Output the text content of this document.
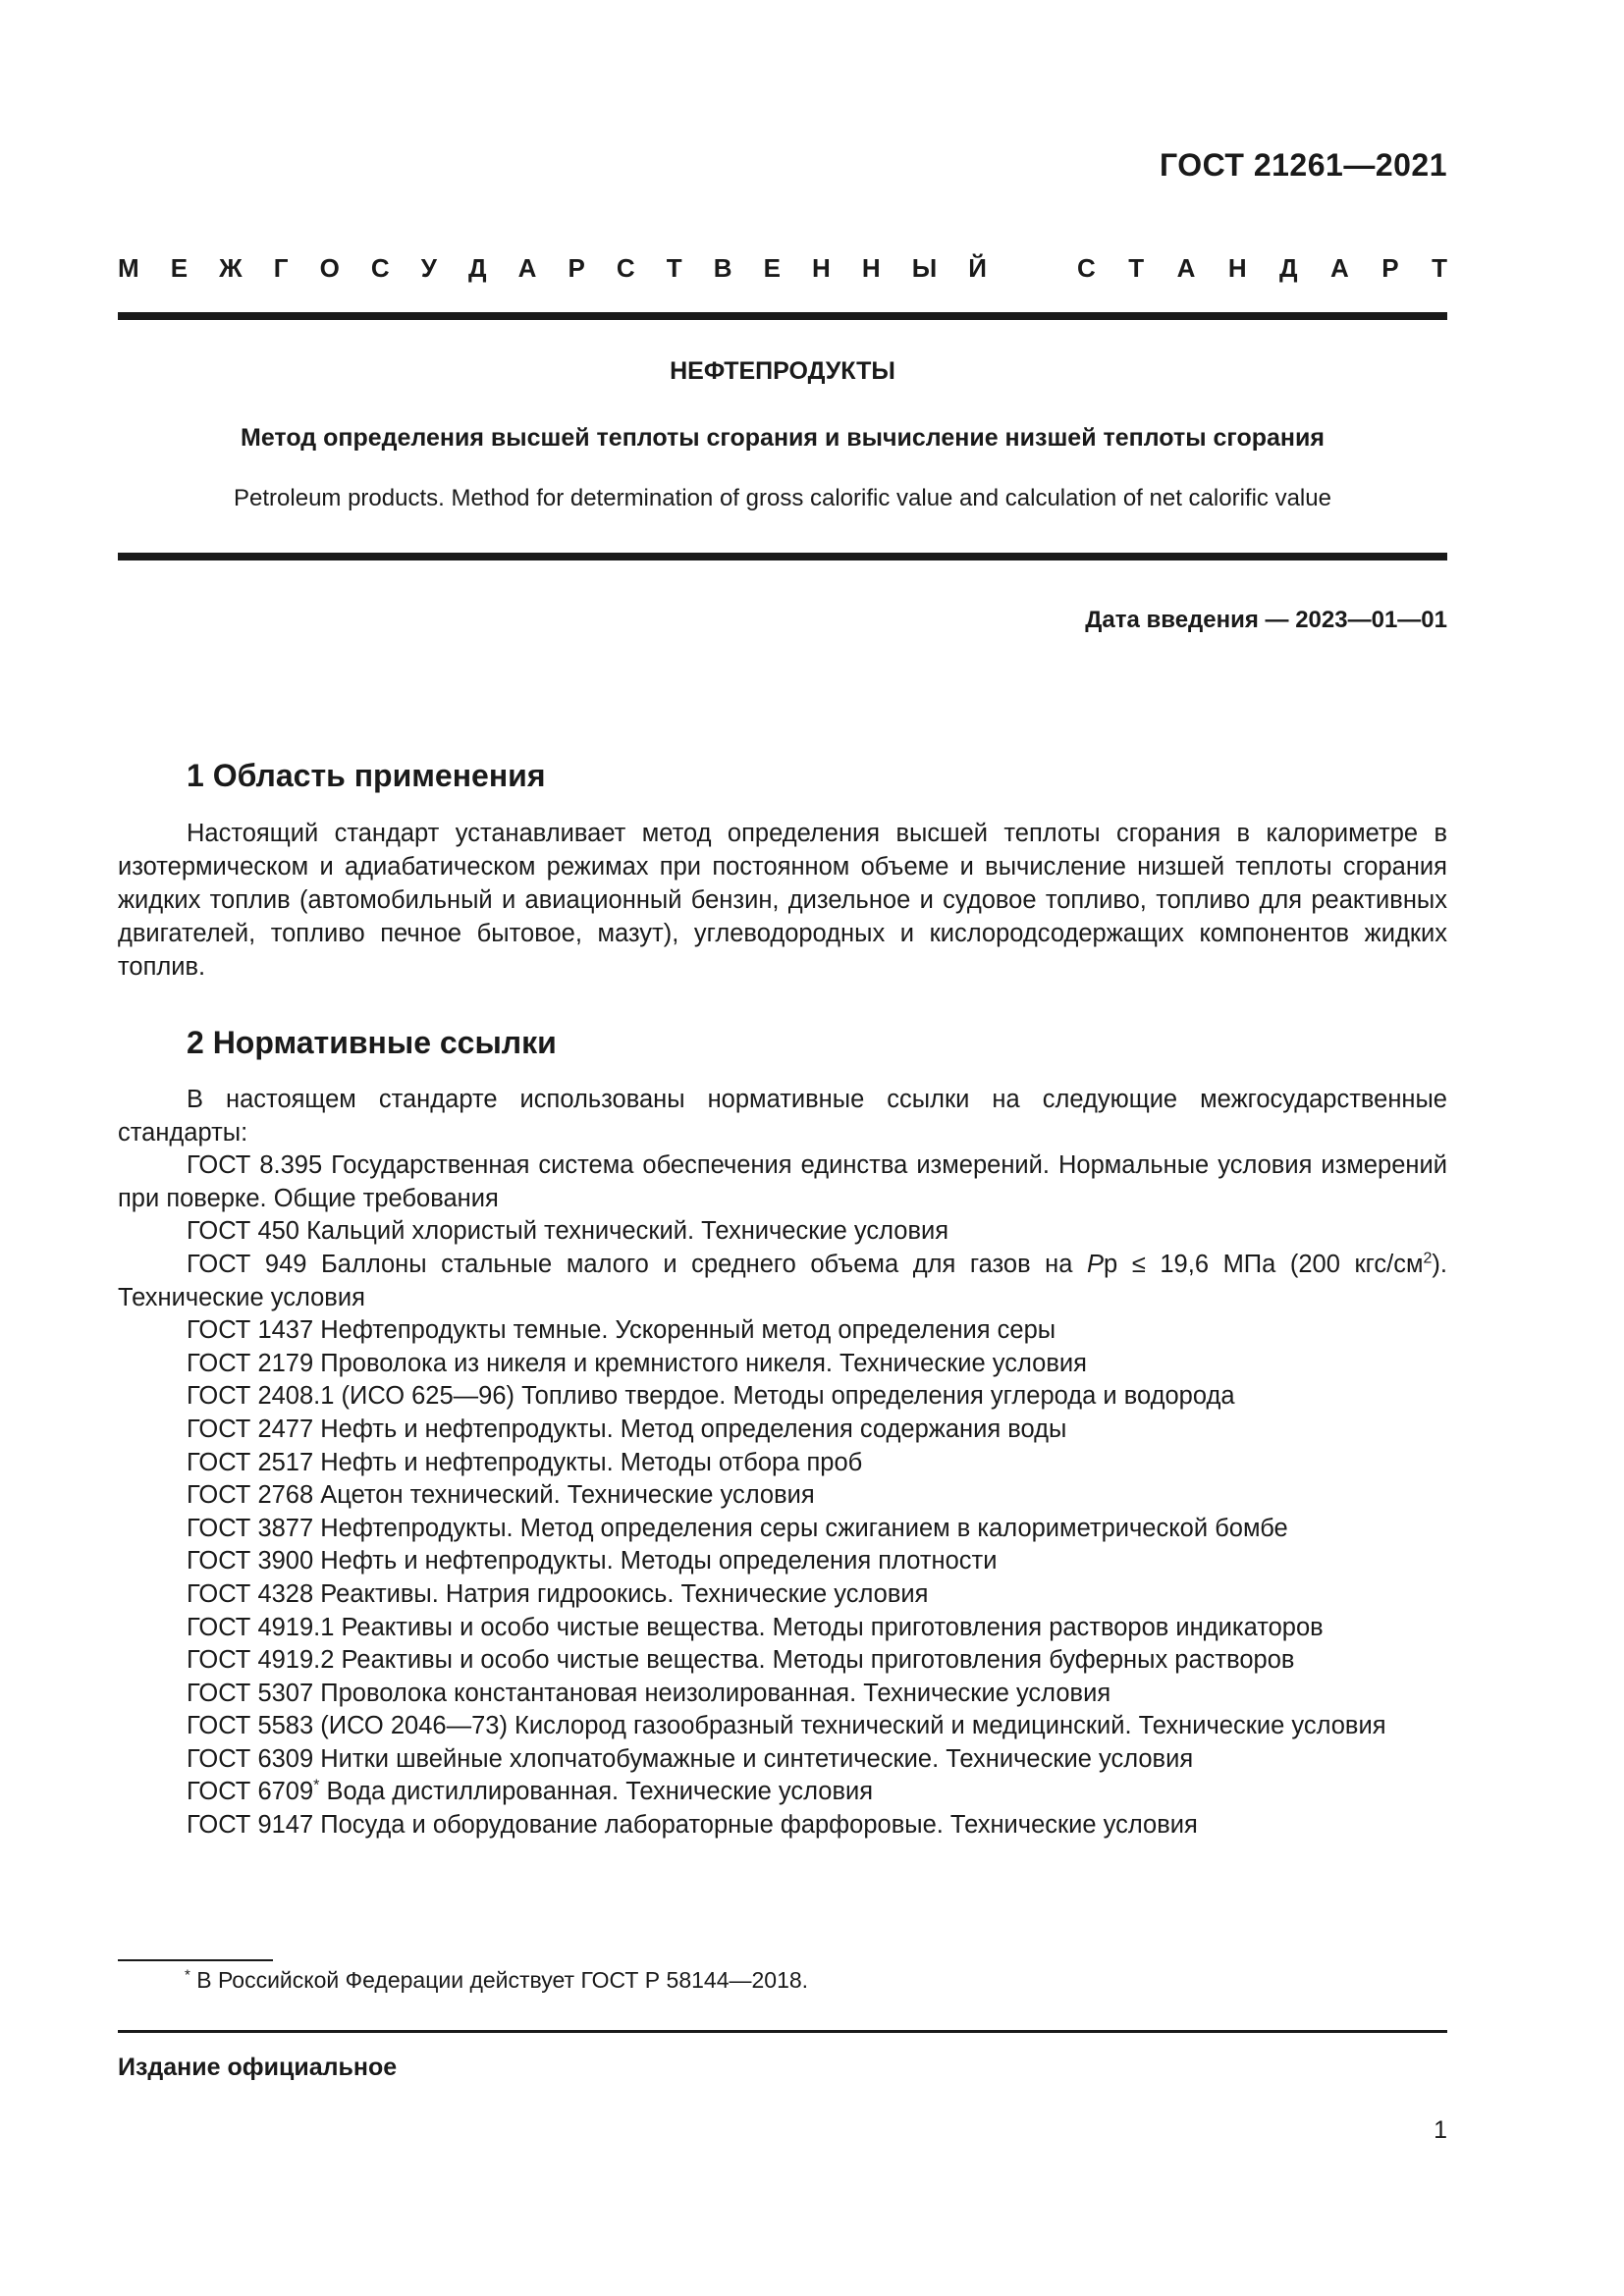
ГОСТ 21261—2021
М Е Ж Г О С У Д А Р С Т В Е Н Н Ы Й	С Т А Н Д А Р Т
НЕФТЕПРОДУКТЫ
Метод определения высшей теплоты сгорания и вычисление низшей теплоты сгорания
Petroleum products. Method for determination of gross calorific value and calculation of net calorific value
Дата введения — 2023—01—01
1 Область применения
Настоящий стандарт устанавливает метод определения высшей теплоты сгорания в калориметре в изотермическом и адиабатическом режимах при постоянном объеме и вычисление низшей теплоты сгорания жидких топлив (автомобильный и авиационный бензин, дизельное и судовое топливо, топливо для реактивных двигателей, топливо печное бытовое, мазут), углеводородных и кислородсодержащих компонентов жидких топлив.
2 Нормативные ссылки
В настоящем стандарте использованы нормативные ссылки на следующие межгосударственные стандарты:
ГОСТ 8.395 Государственная система обеспечения единства измерений. Нормальные условия измерений при поверке. Общие требования
ГОСТ 450 Кальций хлористый технический. Технические условия
ГОСТ 949 Баллоны стальные малого и среднего объема для газов на Pp ≤ 19,6 МПа (200 кгс/$см^2$). Технические условия
ГОСТ 1437 Нефтепродукты темные. Ускоренный метод определения серы
ГОСТ 2179 Проволока из никеля и кремнистого никеля. Технические условия
ГОСТ 2408.1 (ИСО 625—96) Топливо твердое. Методы определения углерода и водорода
ГОСТ 2477 Нефть и нефтепродукты. Метод определения содержания воды
ГОСТ 2517 Нефть и нефтепродукты. Методы отбора проб
ГОСТ 2768 Ацетон технический. Технические условия
ГОСТ 3877 Нефтепродукты. Метод определения серы сжиганием в калориметрической бомбе
ГОСТ 3900 Нефть и нефтепродукты. Методы определения плотности
ГОСТ 4328 Реактивы. Натрия гидроокись. Технические условия
ГОСТ 4919.1 Реактивы и особо чистые вещества. Методы приготовления растворов индикаторов
ГОСТ 4919.2 Реактивы и особо чистые вещества. Методы приготовления буферных растворов
ГОСТ 5307 Проволока константановая неизолированная. Технические условия
ГОСТ 5583 (ИСО 2046—73) Кислород газообразный технический и медицинский. Технические условия
ГОСТ 6309 Нитки швейные хлопчатобумажные и синтетические. Технические условия
ГОСТ 6709* Вода дистиллированная. Технические условия
ГОСТ 9147 Посуда и оборудование лабораторные фарфоровые. Технические условия
* В Российской Федерации действует ГОСТ Р 58144—2018.
Издание официальное
1
